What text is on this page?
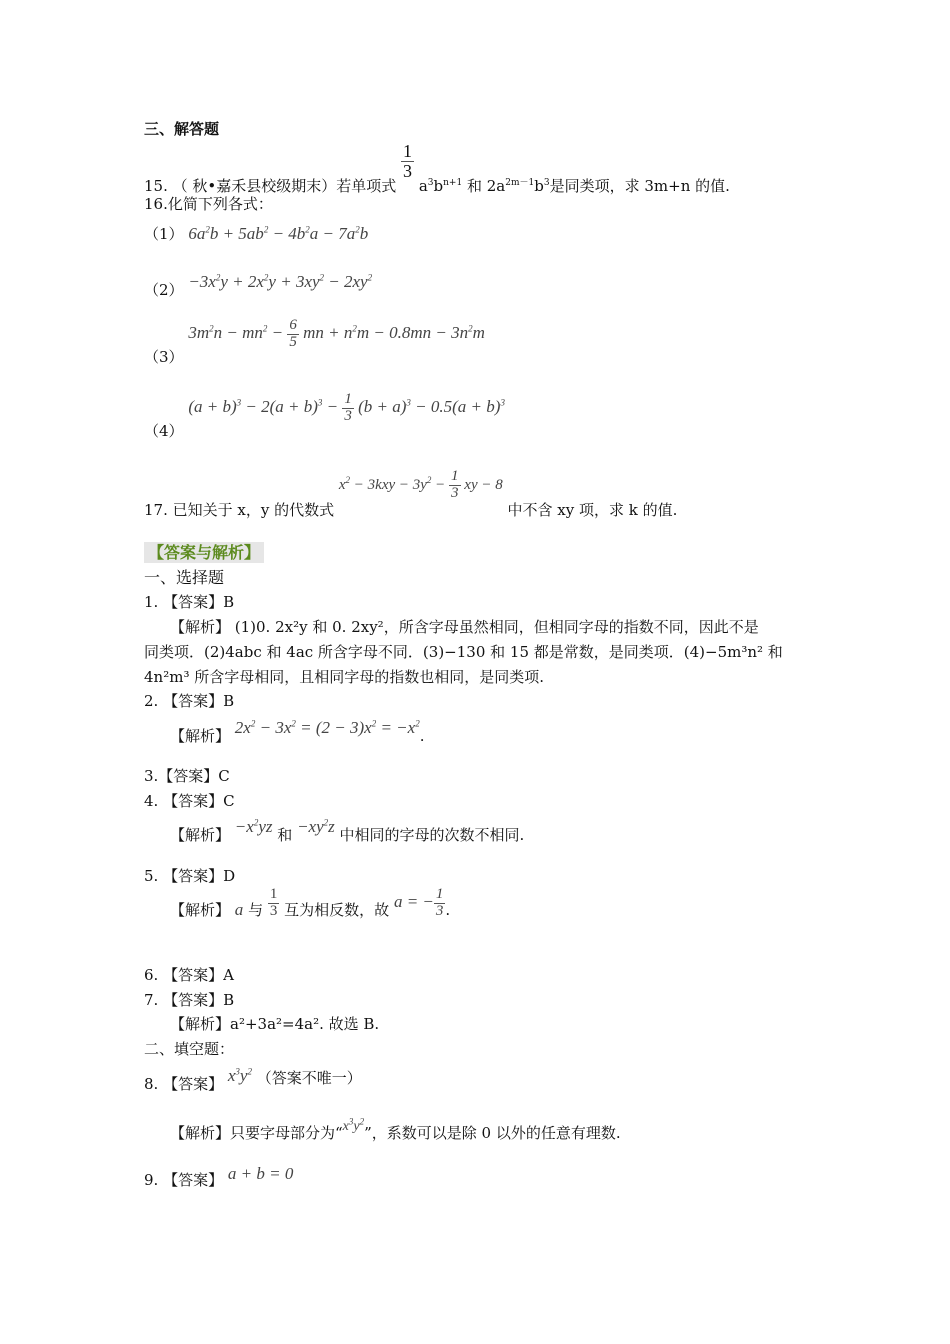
三、解答题
15. （ 秋•嘉禾县校级期末）若单项式
$\frac{1}{3}$
$a^3b^{n+1}$ 和 $2a^{2m-1}b^3$是同类项，求 3m+n 的值.
16.化简下列各式：
（1） $6a^2b + 5ab^2 - 4b^2a - 7a^2b$
$(2) -3x^2y + 2x^2y + 3xy^2 - 2xy^2$
（3） $3m^2n - mn^2 - \frac{6}{5}$ mn + $n^2m - 0.8mn - 3n^2m$
（4） $(a + b)^3 - 2(a + b)^3 - \frac{1}{3} (b + a)^3 - 0.5(a + b)^3$
17. 已知关于 x，y 的代数式 $x^2 - 3kxy - 3y^2 - \frac{1}{3}$ xy − 8 中不含 xy 项，求 k 的值.
【答案与解析】
一、选择题
1. 【答案】B
【解析】 (1)0. 2x²y 和 0. 2xy²，所含字母虽然相同，但相同字母的指数不同，因此不是
同类项．(2)4abc 和 4ac 所含字母不同．(3)−130 和 15 都是常数，是同类项．(4)−5m³n² 和
4n²m³ 所含字母相同，且相同字母的指数也相同，是同类项.
2. 【答案】B
【解析】 $2x^2 - 3x^2 = (2 - 3)x^2 = -x^2$.
3.【答案】C
4. 【答案】C
【解析】 $-x^2yz$ 和 $-xy^2z$ 中相同的字母的次数不相同.
5. 【答案】D
【解析】 a 与 $\frac{1}{3}$ 互为相反数，故 a = − $\frac{1}{3}$ .
6. 【答案】A
7. 【答案】B
【解析】a²+3a²=4a². 故选 B.
二、填空题：
8. 【答案】 $x^3y^2$ （答案不唯一）
【解析】只要字母部分为“$x^3y^2$”，系数可以是除 0 以外的任意有理数.
9. 【答案】 a + b = 0
